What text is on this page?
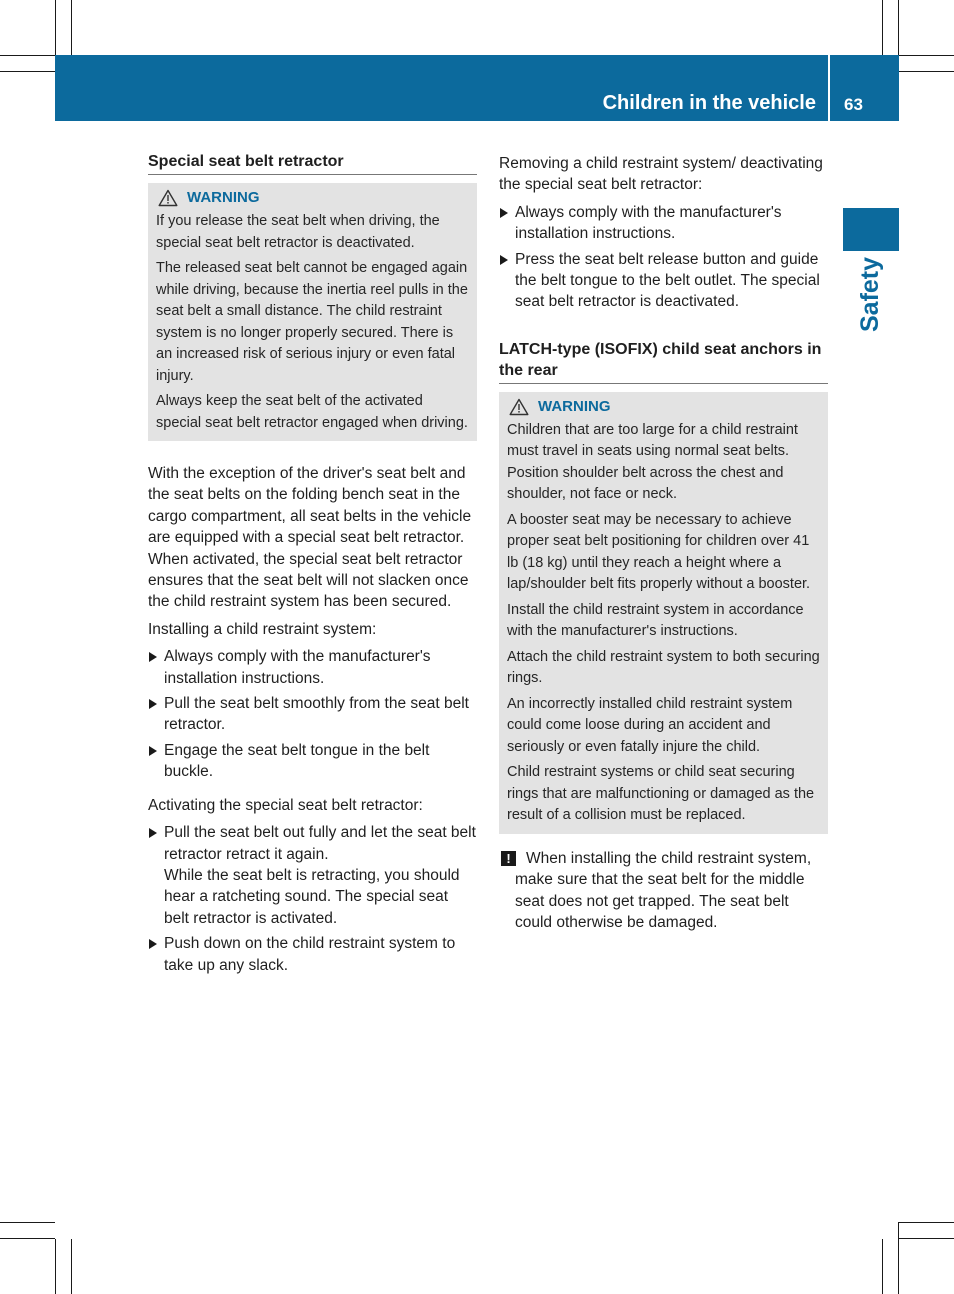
Children in the vehicle 63
Safety
Special seat belt retractor
WARNING

If you release the seat belt when driving, the special seat belt retractor is deactivated.

The released seat belt cannot be engaged again while driving, because the inertia reel pulls in the seat belt a small distance. The child restraint system is no longer properly secured. There is an increased risk of serious injury or even fatal injury.

Always keep the seat belt of the activated special seat belt retractor engaged when driving.

With the exception of the driver's seat belt and the seat belts on the folding bench seat in the cargo compartment, all seat belts in the vehicle are equipped with a special seat belt retractor. When activated, the special seat belt retractor ensures that the seat belt will not slacken once the child restraint system has been secured.

Installing a child restraint system:

Always comply with the manufacturer's installation instructions.
Pull the seat belt smoothly from the seat belt retractor.
Engage the seat belt tongue in the belt buckle.

Activating the special seat belt retractor:

Pull the seat belt out fully and let the seat belt retractor retract it again.
While the seat belt is retracting, you should hear a ratcheting sound. The special seat belt retractor is activated.
Push down on the child restraint system to take up any slack.

Removing a child restraint system/ deactivating the special seat belt retractor:

Always comply with the manufacturer's installation instructions.
Press the seat belt release button and guide the belt tongue to the belt outlet. The special seat belt retractor is deactivated.
LATCH-type (ISOFIX) child seat anchors in the rear
WARNING

Children that are too large for a child restraint must travel in seats using normal seat belts. Position shoulder belt across the chest and shoulder, not face or neck.

A booster seat may be necessary to achieve proper seat belt positioning for children over 41 lb (18 kg) until they reach a height where a lap/shoulder belt fits properly without a booster.

Install the child restraint system in accordance with the manufacturer's instructions.

Attach the child restraint system to both securing rings.

An incorrectly installed child restraint system could come loose during an accident and seriously or even fatally injure the child.

Child restraint systems or child seat securing rings that are malfunctioning or damaged as the result of a collision must be replaced.

! When installing the child restraint system, make sure that the seat belt for the middle seat does not get trapped. The seat belt could otherwise be damaged.
